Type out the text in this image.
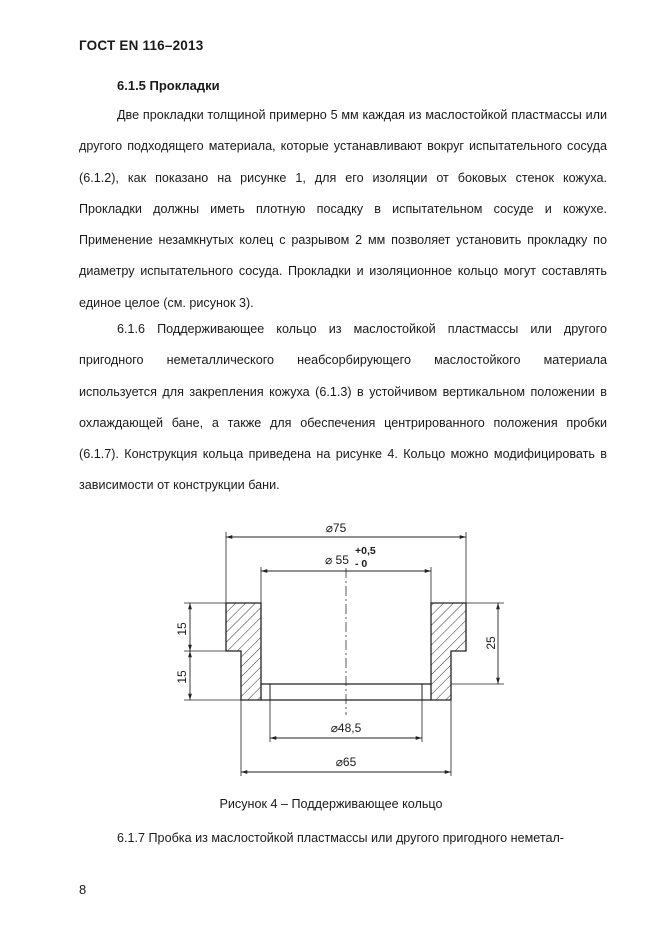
ГОСТ EN 116–2013
6.1.5 Прокладки

Две прокладки толщиной примерно 5 мм каждая из маслостойкой пластмассы или другого подходящего материала, которые устанавливают вокруг испытательного сосуда (6.1.2), как показано на рисунке 1, для его изоляции от боковых стенок кожуха. Прокладки должны иметь плотную посадку в испытательном сосуде и кожухе. Применение незамкнутых колец с разрывом 2 мм позволяет установить прокладку по диаметру испытательного сосуда. Прокладки и изоляционное кольцо могут составлять единое целое (см. рисунок 3).

6.1.6 Поддерживающее кольцо из маслостойкой пластмассы или другого пригодного неметаллического неабсорбирующего маслостойкого материала используется для закрепления кожуха (6.1.3) в устойчивом вертикальном положении в охлаждающей бане, а также для обеспечения центрированного положения пробки (6.1.7). Конструкция кольца приведена на рисунке 4. Кольцо можно модифицировать в зависимости от конструкции бани.

⌀75
⌀ 55
+0,5
- 0
15
15
25
⌀48,5
⌀65
Рисунок 4 – Поддерживающее кольцо

6.1.7 Пробка из маслостойкой пластмассы или другого пригодного неметал-

8
